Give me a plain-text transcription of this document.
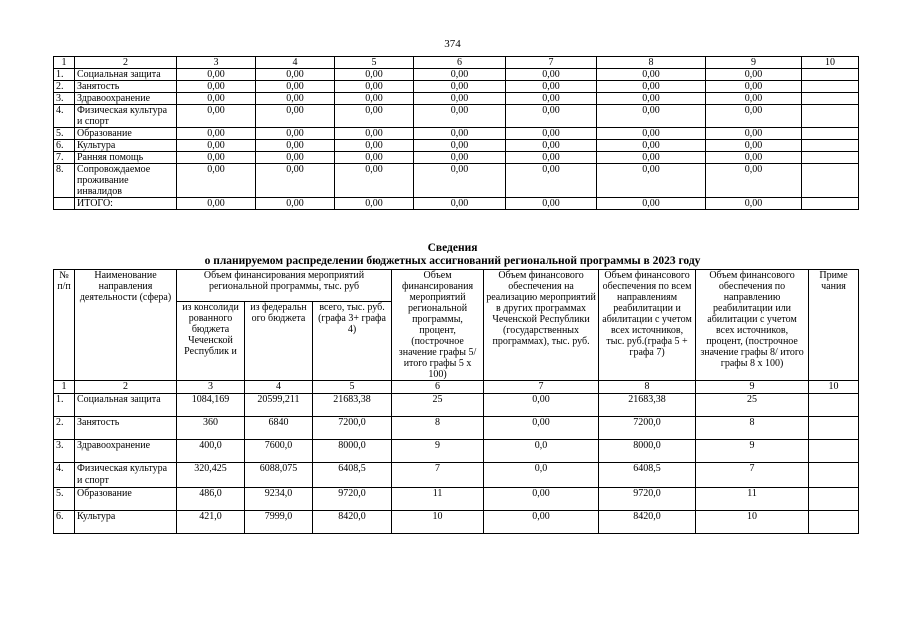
374
1	2	3	4	5	6	7	8	9	10
1.	Социальная защита	0,00	0,00	0,00	0,00	0,00	0,00	0,00	
2.	Занятость	0,00	0,00	0,00	0,00	0,00	0,00	0,00	
3.	Здравоохранение	0,00	0,00	0,00	0,00	0,00	0,00	0,00	
4.	Физическая культура и спорт	0,00	0,00	0,00	0,00	0,00	0,00	0,00	
5.	Образование	0,00	0,00	0,00	0,00	0,00	0,00	0,00	
6.	Культура	0,00	0,00	0,00	0,00	0,00	0,00	0,00	
7.	Ранняя помощь	0,00	0,00	0,00	0,00	0,00	0,00	0,00	
8.	Сопровождаемое проживание инвалидов	0,00	0,00	0,00	0,00	0,00	0,00	0,00	
	ИТОГО:	0,00	0,00	0,00	0,00	0,00	0,00	0,00	
Сведения
о планируемом распределении бюджетных ассигнований региональной программы в 2023 году
№ п/п	Наименование направления деятельности (сфера)	Объем финансирования мероприятий региональной программы, тыс. руб			Объем финансирования мероприятий региональной программы, процент, (построчное значение графы 5/ итого графы 5 х 100)	Объем финансового обеспечения на реализацию мероприятий в других программах Чеченской Республики (государственных программах), тыс. руб.	Объем финансового обеспечения по всем направлениям реабилитации и абилитации с учетом всех источников, тыс. руб.(графа 5 + графа 7)	Объем финансового обеспечения по направлению реабилитации или абилитации с учетом всех источников, процент, (построчное значение графы 8/ итого графы 8 х 100)	Приме чания
		из консолиди рованного бюджета Чеченской Республик и	из федеральн ого бюджета	всего, тыс. руб. (графа 3+ графа 4)					
1	2	3	4	5	6	7	8	9	10
1.	Социальная защита	1084,169	20599,211	21683,38	25	0,00	21683,38	25	
2.	Занятость	360	6840	7200,0	8	0,00	7200,0	8	
3.	Здравоохранение	400,0	7600,0	8000,0	9	0,0	8000,0	9	
4.	Физическая культура и спорт	320,425	6088,075	6408,5	7	0,0	6408,5	7	
5.	Образование	486,0	9234,0	9720,0	11	0,00	9720,0	11	
6.	Культура	421,0	7999,0	8420,0	10	0,00	8420,0	10	
